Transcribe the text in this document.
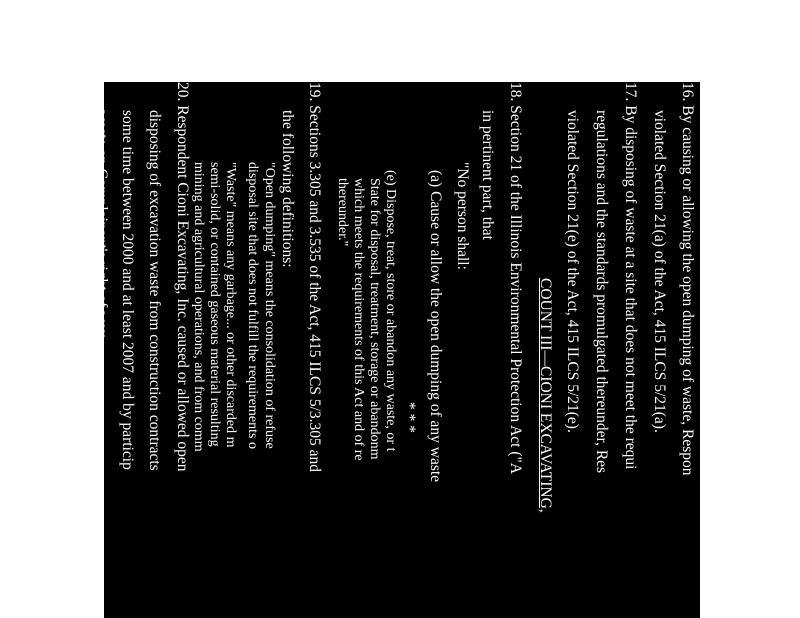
16. By causing or allowing the open dumping of waste, Respon
violated Section 21(a) of the Act, 415 ILCS 5/21(a).
17. By disposing of waste at a site that does not meet the requi
regulations and the standards promulgated thereunder, Res
violated Section 21(e) of the Act, 415 ILCS 5/21(e).
COUNT III—CIONI EXCAVATING,
18. Section 21 of the Illinois Environmental Protection Act ("A
in pertinent part, that
"No person shall:
(a) Cause or allow the open dumping of any waste
* * *
(e) Dispose, treat, store or abandon any waste, or t
State for disposal, treatment, storage or abandonm
which meets the requirements of this Act and of re
thereunder."
19. Sections 3.305 and 3.535 of the Act, 415 ILCS 5/3.305 and
the following definitions:
"Open dumping" means the consolidation of refuse
disposal site that does not fulfill the requirements o
"Waste" means any garbage... or other discarded m
semi-solid, or contained gaseous material resulting
mining and agricultural operations, and from comm
20. Respondent Cioni Excavating, Inc. caused or allowed open
disposing of excavation waste from construction contracts
some time between 2000 and at least 2007 and by particip
waste on Complainant's right of way.
